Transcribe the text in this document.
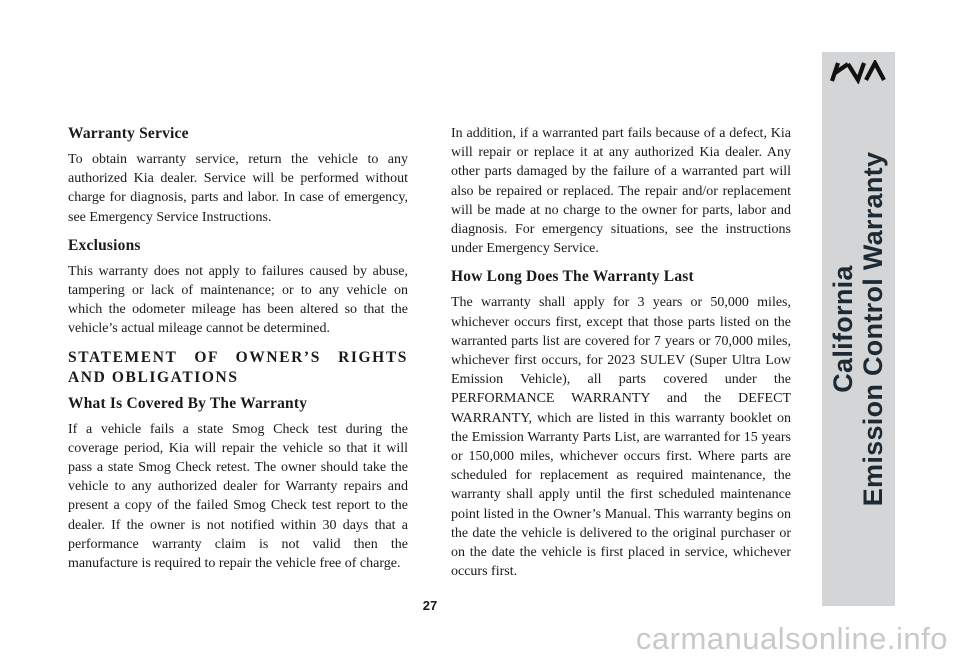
Warranty Service

To obtain warranty service, return the vehicle to any authorized Kia dealer. Service will be performed without charge for diagnosis, parts and labor. In case of emergency, see Emergency Service Instructions.

Exclusions

This warranty does not apply to failures caused by abuse, tampering or lack of maintenance; or to any vehicle on which the odometer mileage has been altered so that the vehicle’s actual mileage cannot be determined.

STATEMENT OF OWNER’S RIGHTS AND OBLIGATIONS
What Is Covered By The Warranty

If a vehicle fails a state Smog Check test during the coverage period, Kia will repair the vehicle so that it will pass a state Smog Check retest. The owner should take the vehicle to any authorized dealer for Warranty repairs and present a copy of the failed Smog Check test report to the dealer. If the owner is not notified within 30 days that a performance warranty claim is not valid then the manufacture is required to repair the vehicle free of charge.

In addition, if a warranted part fails because of a defect, Kia will repair or replace it at any authorized Kia dealer. Any other parts damaged by the failure of a warranted part will also be repaired or replaced. The repair and/or replacement will be made at no charge to the owner for parts, labor and diagnosis. For emergency situations, see the instructions under Emergency Service.

How Long Does The Warranty Last

The warranty shall apply for 3 years or 50,000 miles, whichever occurs first, except that those parts listed on the warranted parts list are covered for 7 years or 70,000 miles, whichever first occurs, for 2023 SULEV (Super Ultra Low Emission Vehicle), all parts covered under the PERFORMANCE WARRANTY and the DEFECT WARRANTY, which are listed in this warranty booklet on the Emission Warranty Parts List, are warranted for 15 years or 150,000 miles, whichever occurs first. Where parts are scheduled for replacement as required maintenance, the warranty shall apply until the first scheduled maintenance point listed in the Owner’s Manual. This warranty begins on the date the vehicle is delivered to the original purchaser or on the date the vehicle is first placed in service, whichever occurs first.

27
California Emission Control Warranty
carmanualsonline.info
